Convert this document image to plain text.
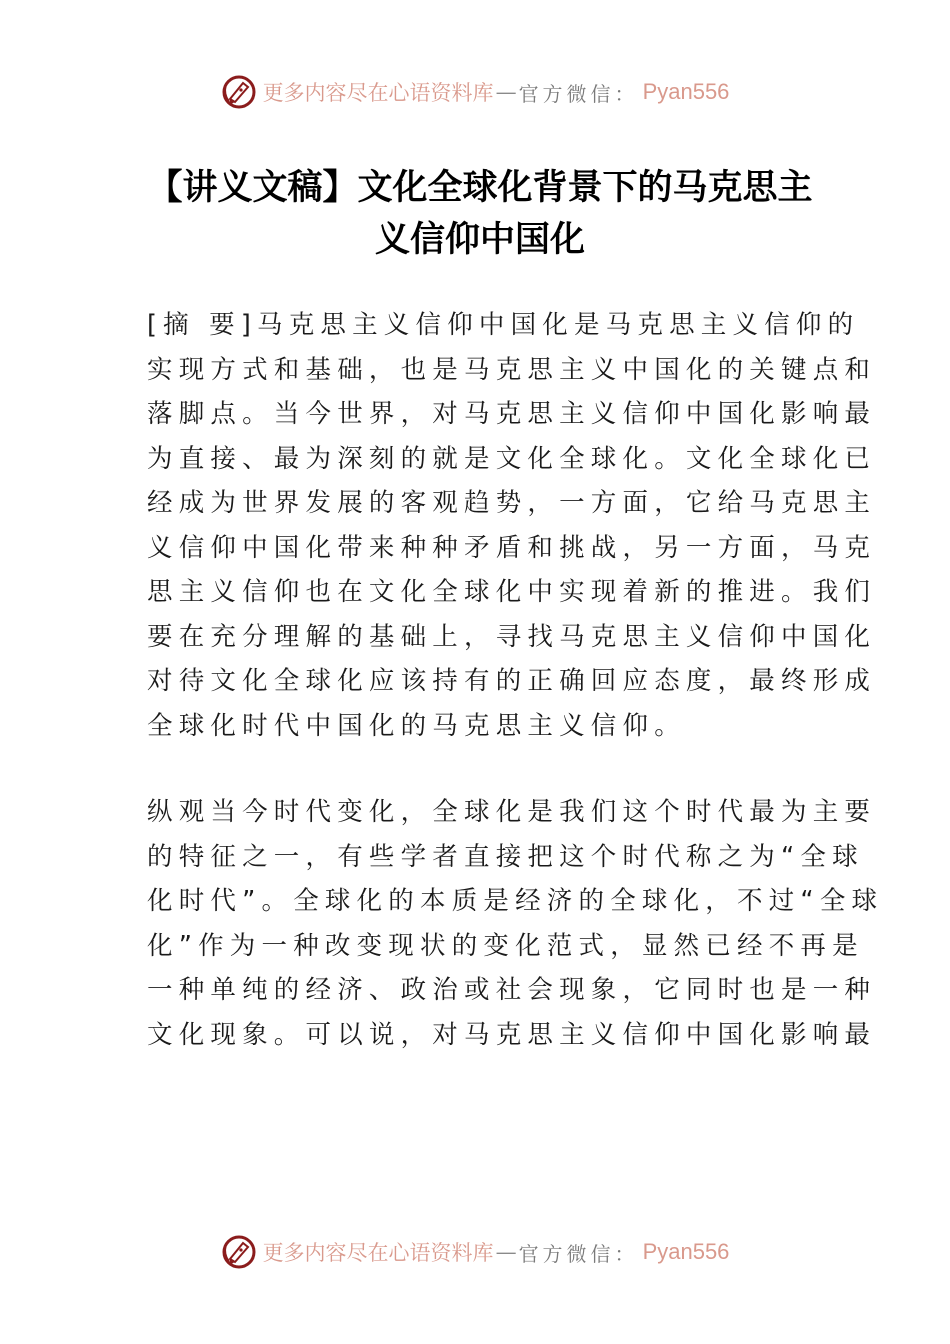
更多内容尽在心语资料库 — 官方微信： Pyan556
【讲义文稿】文化全球化背景下的马克思主
义信仰中国化
[摘 要]马克思主义信仰中国化是马克思主义信仰的
实现方式和基础，也是马克思主义中国化的关键点和
落脚点。当今世界，对马克思主义信仰中国化影响最
为直接、最为深刻的就是文化全球化。文化全球化已
经成为世界发展的客观趋势，一方面，它给马克思主
义信仰中国化带来种种矛盾和挑战，另一方面，马克
思主义信仰也在文化全球化中实现着新的推进。我们
要在充分理解的基础上，寻找马克思主义信仰中国化
对待文化全球化应该持有的正确回应态度，最终形成
全球化时代中国化的马克思主义信仰。
纵观当今时代变化，全球化是我们这个时代最为主要
的特征之一，有些学者直接把这个时代称之为“全球
化时代”。全球化的本质是经济的全球化，不过“全球
化”作为一种改变现状的变化范式，显然已经不再是
一种单纯的经济、政治或社会现象，它同时也是一种
文化现象。可以说，对马克思主义信仰中国化影响最
更多内容尽在心语资料库 — 官方微信： Pyan556
